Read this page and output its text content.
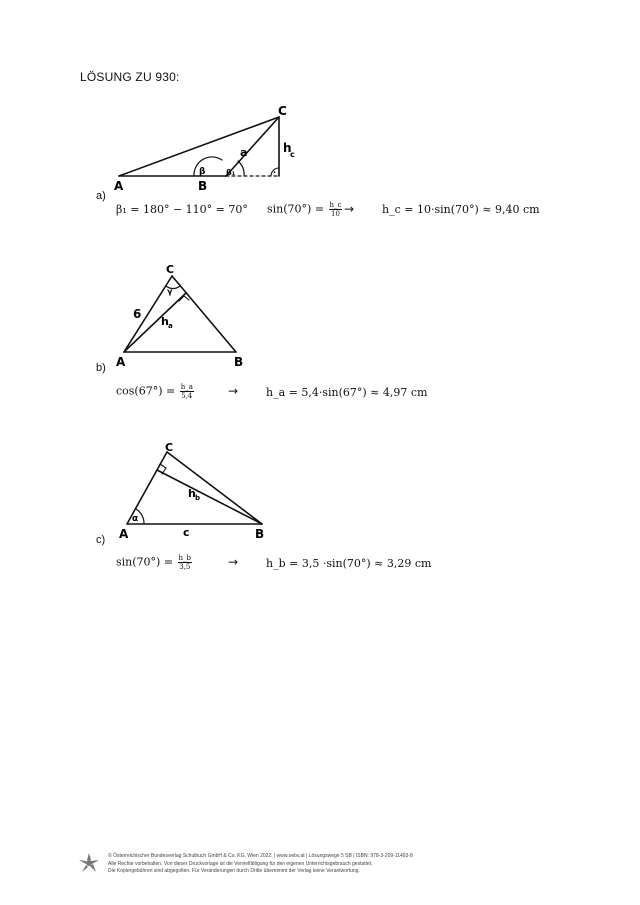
LÖSUNG ZU 930:
A	B
C
a	h
c
β	β₁	·
a)
β₁ = 180° − 110° = 70° $\sin(70^\circ) = \frac{h\_c}{10}$ →	h_c = 10·sin(70°) ≈ 9,40 cm
C
A	B
6
h a
γ
b)
$\cos(67^\circ) = \frac{h\_a}{5,4}$	→	h_a = 5,4·sin(67°) ≈ 4,97 cm
C
A	B
c
h b
α
c)
$\sin(70^\circ) = \frac{h\_b}{3,5}$	→	h_b = 3,5 ·sin(70°) ≈ 3,29 cm
© Österreichischer Bundesverlag Schulbuch GmbH & Co. KG, Wien 2022. | www.oebv.at | Lösungswege 5 SB | ISBN: 978-3-209-11493-8
Alle Rechte vorbehalten. Von dieser Druckvorlage ist die Vervielfältigung für den eigenen Unterrichtsgebrauch gestattet.
Die Kopiergebühren sind abgegolten. Für Veränderungen durch Dritte übernimmt der Verlag keine Verantwortung.
